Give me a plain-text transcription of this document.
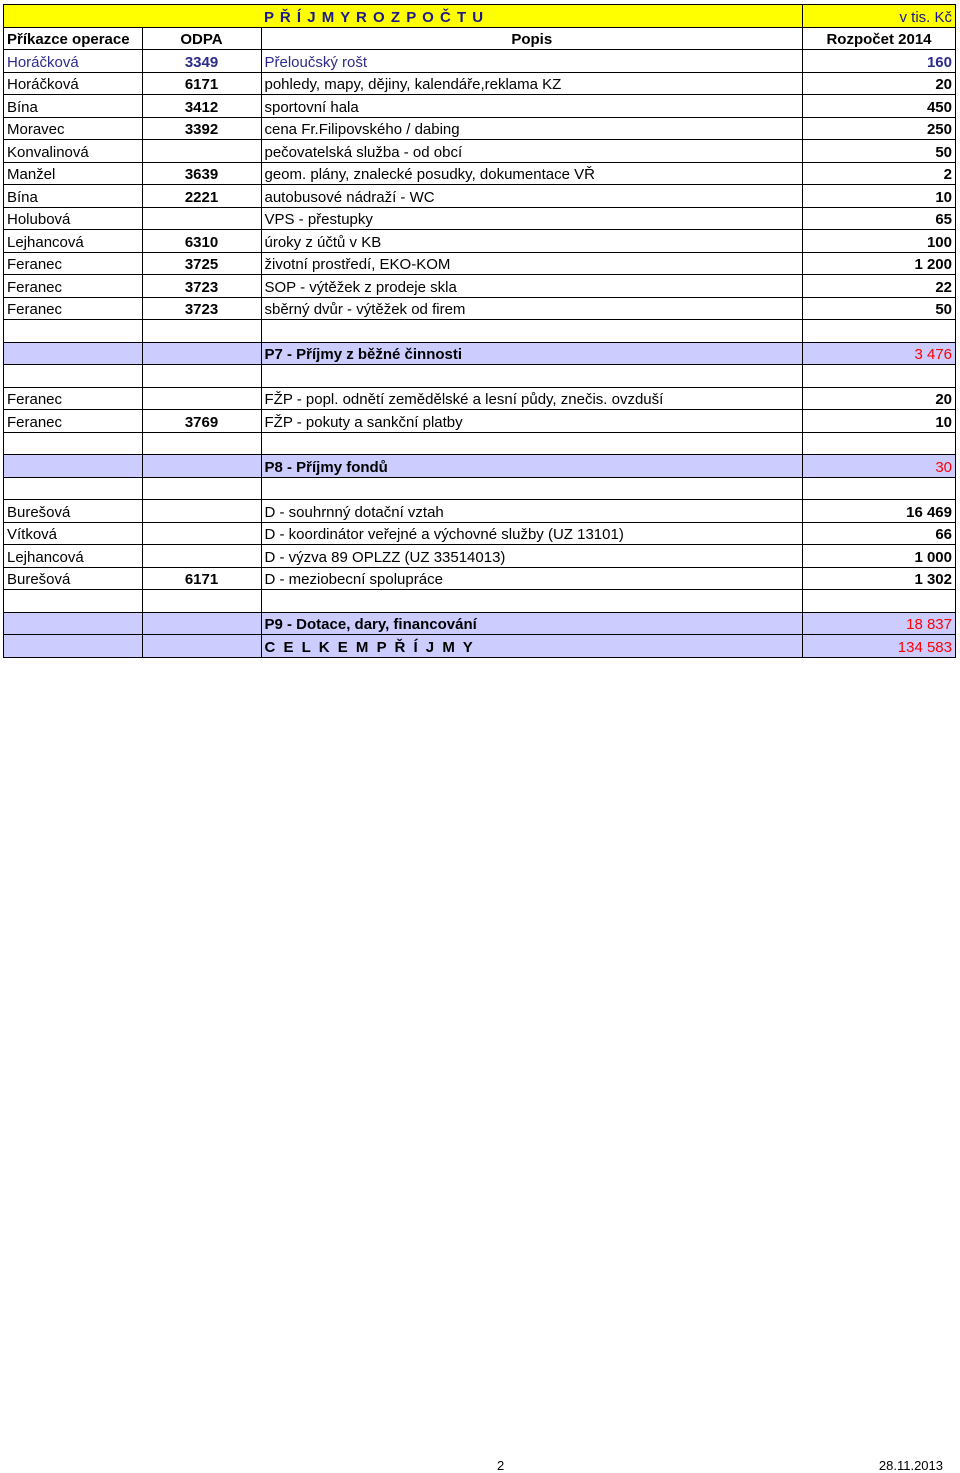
		P Ř Í J M Y R O Z P O Č T U	v tis. Kč
Příkazce operace	ODPA	Popis	Rozpočet 2014
Horáčková	3349	Přeloučský rošt	160
Horáčková	6171	pohledy, mapy, dějiny, kalendáře,reklama KZ	20
Bína	3412	sportovní hala	450
Moravec	3392	cena Fr.Filipovského / dabing	250
Konvalinová		pečovatelská služba - od obcí	50
Manžel	3639	geom. plány, znalecké posudky, dokumentace VŘ	2
Bína	2221	autobusové nádraží - WC	10
Holubová		VPS - přestupky	65
Lejhancová	6310	úroky z účtů v KB	100
Feranec	3725	životní prostředí, EKO-KOM	1 200
Feranec	3723	SOP - výtěžek z prodeje skla	22
Feranec	3723	sběrný dvůr - výtěžek od firem	50

		P7 - Příjmy z běžné činnosti	3 476

Feranec		FŽP - popl. odnětí zemědělské a lesní půdy, znečis. ovzduší	20
Feranec	3769	FŽP - pokuty a sankční platby	10

		P8 - Příjmy fondů	30

Burešová		D - souhrnný dotační vztah	16 469
Vítková		D - koordinátor veřejné a výchovné služby (UZ 13101)	66
Lejhancová		D - výzva 89 OPLZZ (UZ 33514013)	1 000
Burešová	6171	D - meziobecní spolupráce	1 302

		P9 - Dotace, dary, financování	18 837
		C E L K E M P Ř Í J M Y	134 583
2	28.11.2013
